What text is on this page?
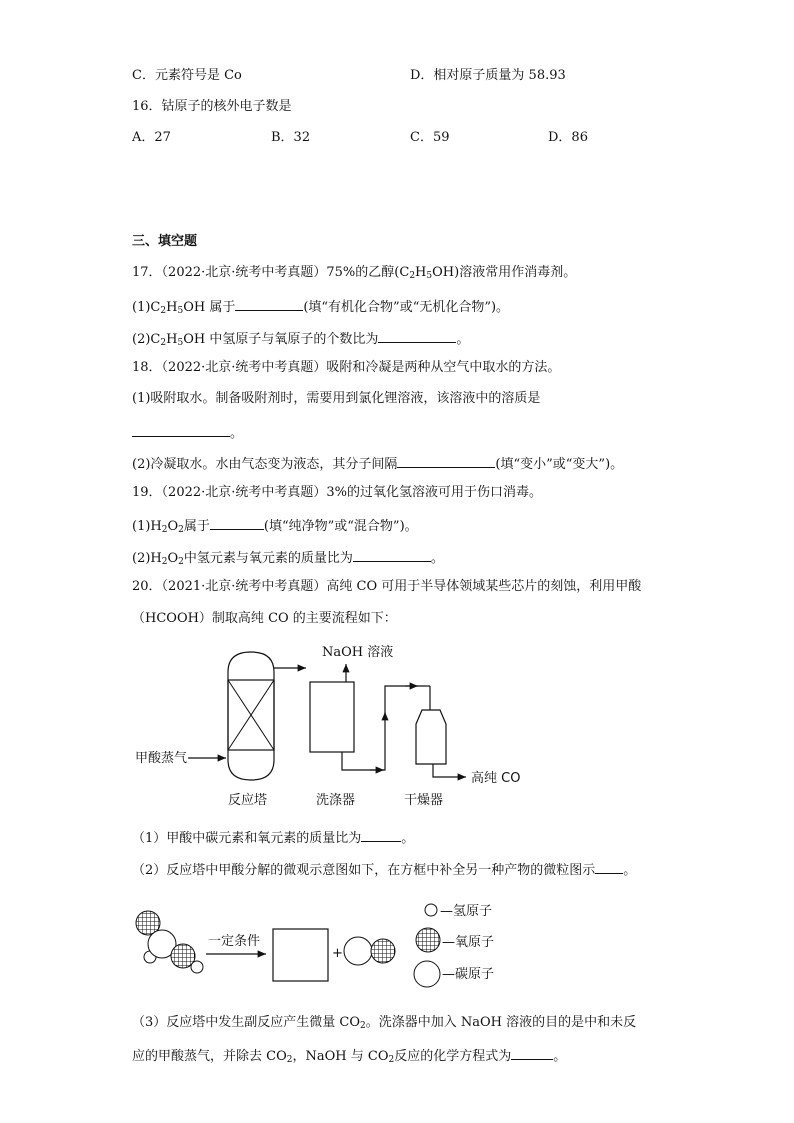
C．元素符号是 Co	D．相对原子质量为 58.93
16．钴原子的核外电子数是
A．27	B．32	C．59	D．86
三、填空题
17．（2022·北京·统考中考真题）75%的乙醇$(C_2H_5OH)$溶液常用作消毒剂。
$(1)C_2H_5OH$ 属于	(填“有机化合物”或“无机化合物”)。
$(2)C_2H_5OH$ 中氢原子与氧原子的个数比为	。
18．（2022·北京·统考中考真题）吸附和冷凝是两种从空气中取水的方法。
(1)吸附取水。制备吸附剂时，需要用到氯化锂溶液，该溶液中的溶质是
。
(2)冷凝取水。水由气态变为液态，其分子间隔	(填“变小”或“变大”)。
19．（2022·北京·统考中考真题）3%的过氧化氢溶液可用于伤口消毒。
$(1)H_2O_2$属于	(填“纯净物”或“混合物”)。
$(2)H_2O_2$中氢元素与氧元素的质量比为	。
20．（2021·北京·统考中考真题）高纯 CO 可用于半导体领域某些芯片的刻蚀，利用甲酸
（HCOOH）制取高纯 CO 的主要流程如下：
甲酸蒸气
NaOH 溶液
高纯 CO
反应塔	洗涤器	干燥器
（1）甲酸中碳元素和氧元素的质量比为	。
（2）反应塔中甲酸分解的微观示意图如下，在方框中补全另一种产物的微粒图示 。
一定条件
+
—氢原子
—氧原子
—碳原子
（3）反应塔中发生副反应产生微量 $CO_2$。洗涤器中加入 NaOH 溶液的目的是中和未反
应的甲酸蒸气，并除去 $CO_2$，NaOH 与 $CO_2$反应的化学方程式为	。
